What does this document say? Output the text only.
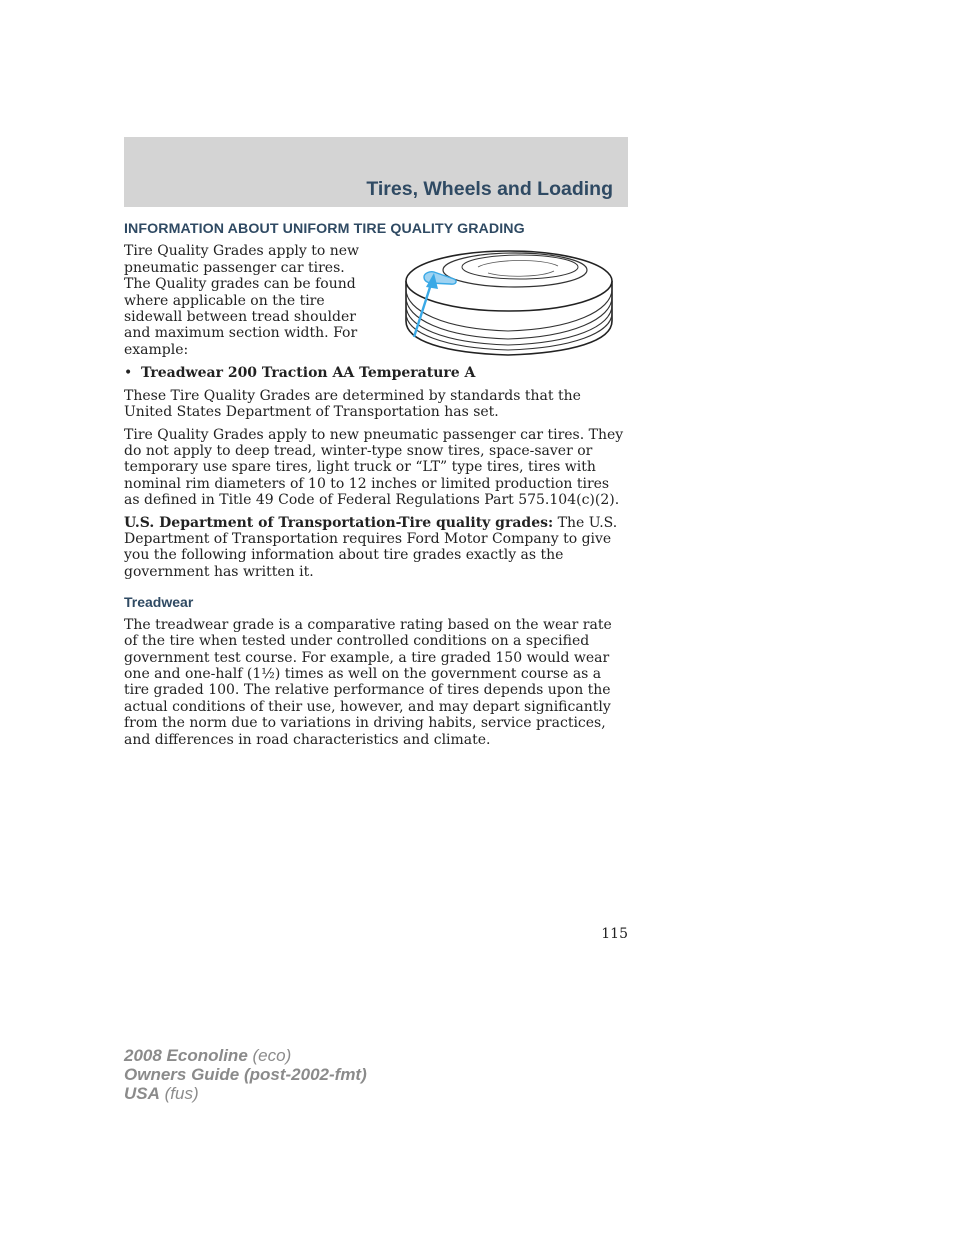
Tires, Wheels and Loading
INFORMATION ABOUT UNIFORM TIRE QUALITY GRADING

Tire Quality Grades apply to new pneumatic passenger car tires. The Quality grades can be found where applicable on the tire sidewall between tread shoulder and maximum section width. For example:

• Treadwear 200 Traction AA Temperature A

These Tire Quality Grades are determined by standards that the United States Department of Transportation has set.

Tire Quality Grades apply to new pneumatic passenger car tires. They do not apply to deep tread, winter-type snow tires, space-saver or temporary use spare tires, light truck or “LT” type tires, tires with nominal rim diameters of 10 to 12 inches or limited production tires as defined in Title 49 Code of Federal Regulations Part 575.104(c)(2).

U.S. Department of Transportation-Tire quality grades: The U.S. Department of Transportation requires Ford Motor Company to give you the following information about tire grades exactly as the government has written it.

Treadwear

The treadwear grade is a comparative rating based on the wear rate of the tire when tested under controlled conditions on a specified government test course. For example, a tire graded 150 would wear one and one-half (1½) times as well on the government course as a tire graded 100. The relative performance of tires depends upon the actual conditions of their use, however, and may depart significantly from the norm due to variations in driving habits, service practices, and differences in road characteristics and climate.

115
2008 Econoline (eco)
Owners Guide (post-2002-fmt)
USA (fus)
